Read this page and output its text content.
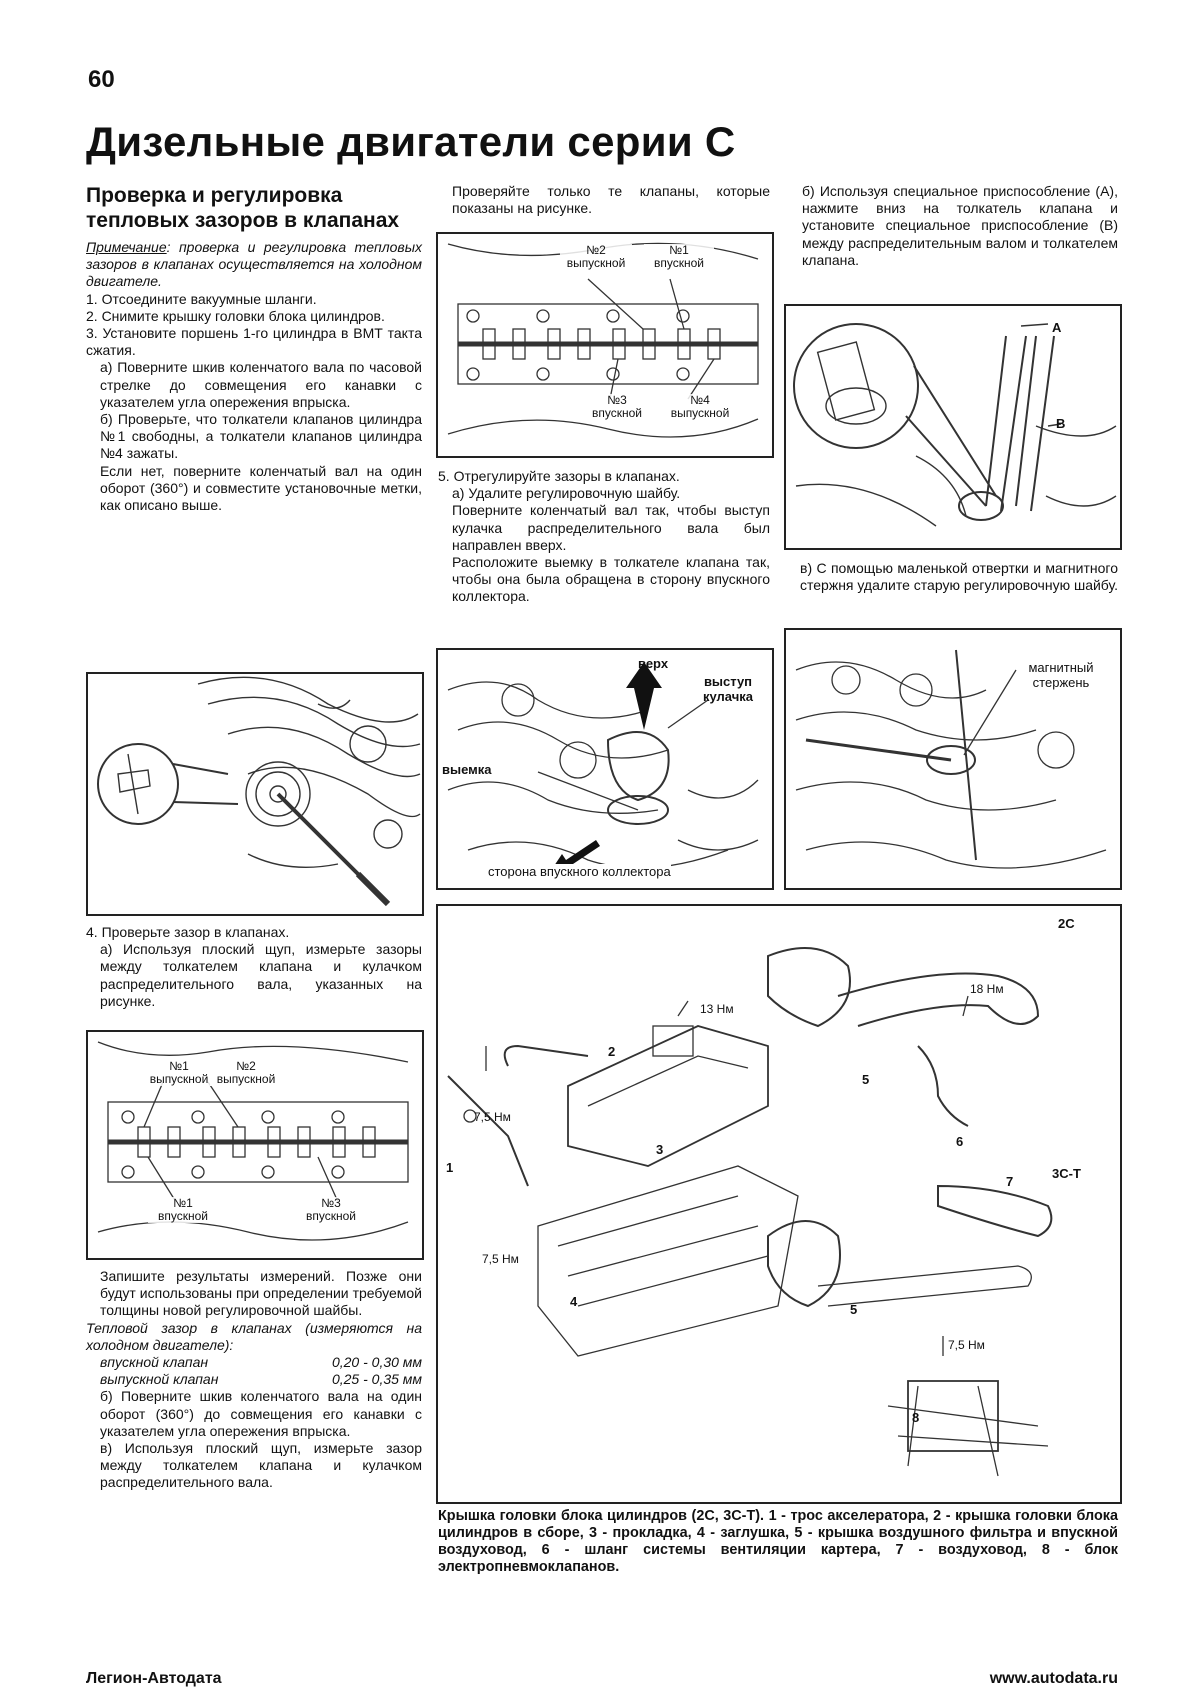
60
Дизельные двигатели серии С

Проверка и регулировка тепловых зазоров в клапанах

Примечание: проверка и регулировка тепловых зазоров в клапанах осуществляется на холодном двигателе.

1. Отсоедините вакуумные шланги.

2. Снимите крышку головки блока цилиндров.

3. Установите поршень 1-го цилиндра в ВМТ такта сжатия.

а) Поверните шкив коленчатого вала по часовой стрелке до совмещения его канавки с указателем угла опережения впрыска.

б) Проверьте, что толкатели клапанов цилиндра №1 свободны, а толкатели клапанов цилиндра №4 зажаты.

Если нет, поверните коленчатый вал на один оборот (360°) и совместите установочные метки, как описано выше.

4. Проверьте зазор в клапанах.

а) Используя плоский щуп, измерьте зазоры между толкателем клапана и кулачком распределительного вала, указанных на рисунке.

№1
выпускной
№2
выпускной
№1
впускной
№3
впускной

Запишите результаты измерений. Позже они будут использованы при определении требуемой толщины новой регулировочной шайбы.

Тепловой зазор в клапанах (измеряются на холодном двигателе):

впускной клапан	0,20 - 0,30 мм
выпускной клапан	0,25 - 0,35 мм

б) Поверните шкив коленчатого вала на один оборот (360°) до совмещения его канавки с указателем угла опережения впрыска.

в) Используя плоский щуп, измерьте зазор между толкателем клапана и кулачком распределительного вала.

Проверяйте только те клапаны, которые показаны на рисунке.

№2
выпускной
№1
впускной
№3
впускной
№4
выпускной

5. Отрегулируйте зазоры в клапанах.

а) Удалите регулировочную шайбу.

Поверните коленчатый вал так, чтобы выступ кулачка распределительного вала был направлен вверх.

Расположите выемку в толкателе клапана так, чтобы она была обращена в сторону впускного коллектора.

верх
выступ кулачка
выемка
сторона впускного коллектора

б) Используя специальное приспособление (А), нажмите вниз на толкатель клапана и установите специальное приспособление (В) между распределительным валом и толкателем клапана.

A
B

в) С помощью маленькой отвертки и магнитного стержня удалите старую регулировочную шайбу.

магнитный стержень
2С
3С-Т
13 Нм
18 Нм
7,5 Нм
7,5 Нм
7,5 Нм
1
2
3
4
5
5
6
7
8
Крышка головки блока цилиндров (2С, 3С-Т). 1 - трос акселератора, 2 - крышка головки блока цилиндров в сборе, 3 - прокладка, 4 - заглушка, 5 - крышка воздушного фильтра и впускной воздуховод, 6 - шланг системы вентиляции картера, 7 - воздуховод, 8 - блок электропневмоклапанов.
Легион-Автодата	www.autodata.ru
